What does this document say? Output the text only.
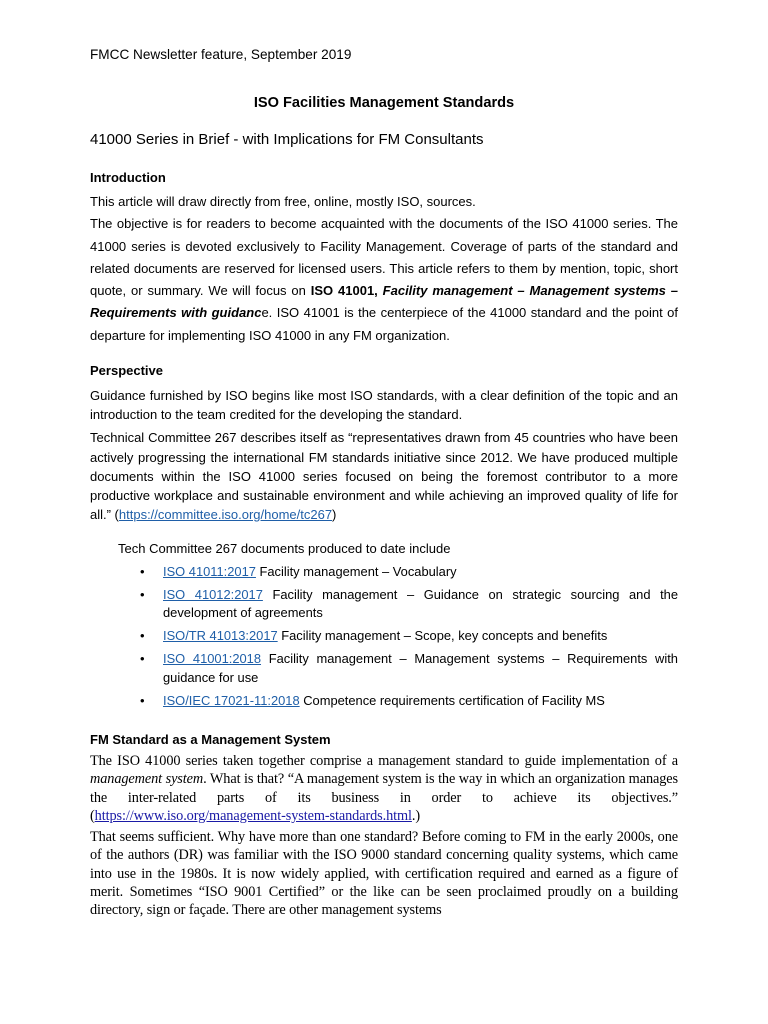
FMCC Newsletter feature, September 2019
ISO Facilities Management Standards
41000 Series in Brief - with Implications for FM Consultants
Introduction

This article will draw directly from free, online, mostly ISO, sources.

The objective is for readers to become acquainted with the documents of the ISO 41000 series. The 41000 series is devoted exclusively to Facility Management. Coverage of parts of the standard and related documents are reserved for licensed users. This article refers to them by mention, topic, short quote, or summary. We will focus on ISO 41001, Facility management – Management systems – Requirements with guidance. ISO 41001 is the centerpiece of the 41000 standard and the point of departure for implementing ISO 41000 in any FM organization.

Perspective

Guidance furnished by ISO begins like most ISO standards, with a clear definition of the topic and an introduction to the team credited for the developing the standard.

Technical Committee 267 describes itself as “representatives drawn from 45 countries who have been actively progressing the international FM standards initiative since 2012. We have produced multiple documents within the ISO 41000 series focused on being the foremost contributor to a more productive workplace and sustainable environment and while achieving an improved quality of life for all.” (https://committee.iso.org/home/tc267)

Tech Committee 267 documents produced to date include
• ISO 41011:2017 Facility management – Vocabulary
• ISO 41012:2017 Facility management – Guidance on strategic sourcing and the development of agreements
• ISO/TR 41013:2017 Facility management – Scope, key concepts and benefits
• ISO 41001:2018 Facility management – Management systems – Requirements with guidance for use
• ISO/IEC 17021-11:2018 Competence requirements certification of Facility MS
FM Standard as a Management System

The ISO 41000 series taken together comprise a management standard to guide implementation of a management system. What is that? “A management system is the way in which an organization manages the inter-related parts of its business in order to achieve its objectives.” (https://www.iso.org/management-system-standards.html.)

That seems sufficient. Why have more than one standard? Before coming to FM in the early 2000s, one of the authors (DR) was familiar with the ISO 9000 standard concerning quality systems, which came into use in the 1980s. It is now widely applied, with certification required and earned as a figure of merit. Sometimes “ISO 9001 Certified” or the like can be seen proclaimed proudly on a building directory, sign or façade. There are other management systems
